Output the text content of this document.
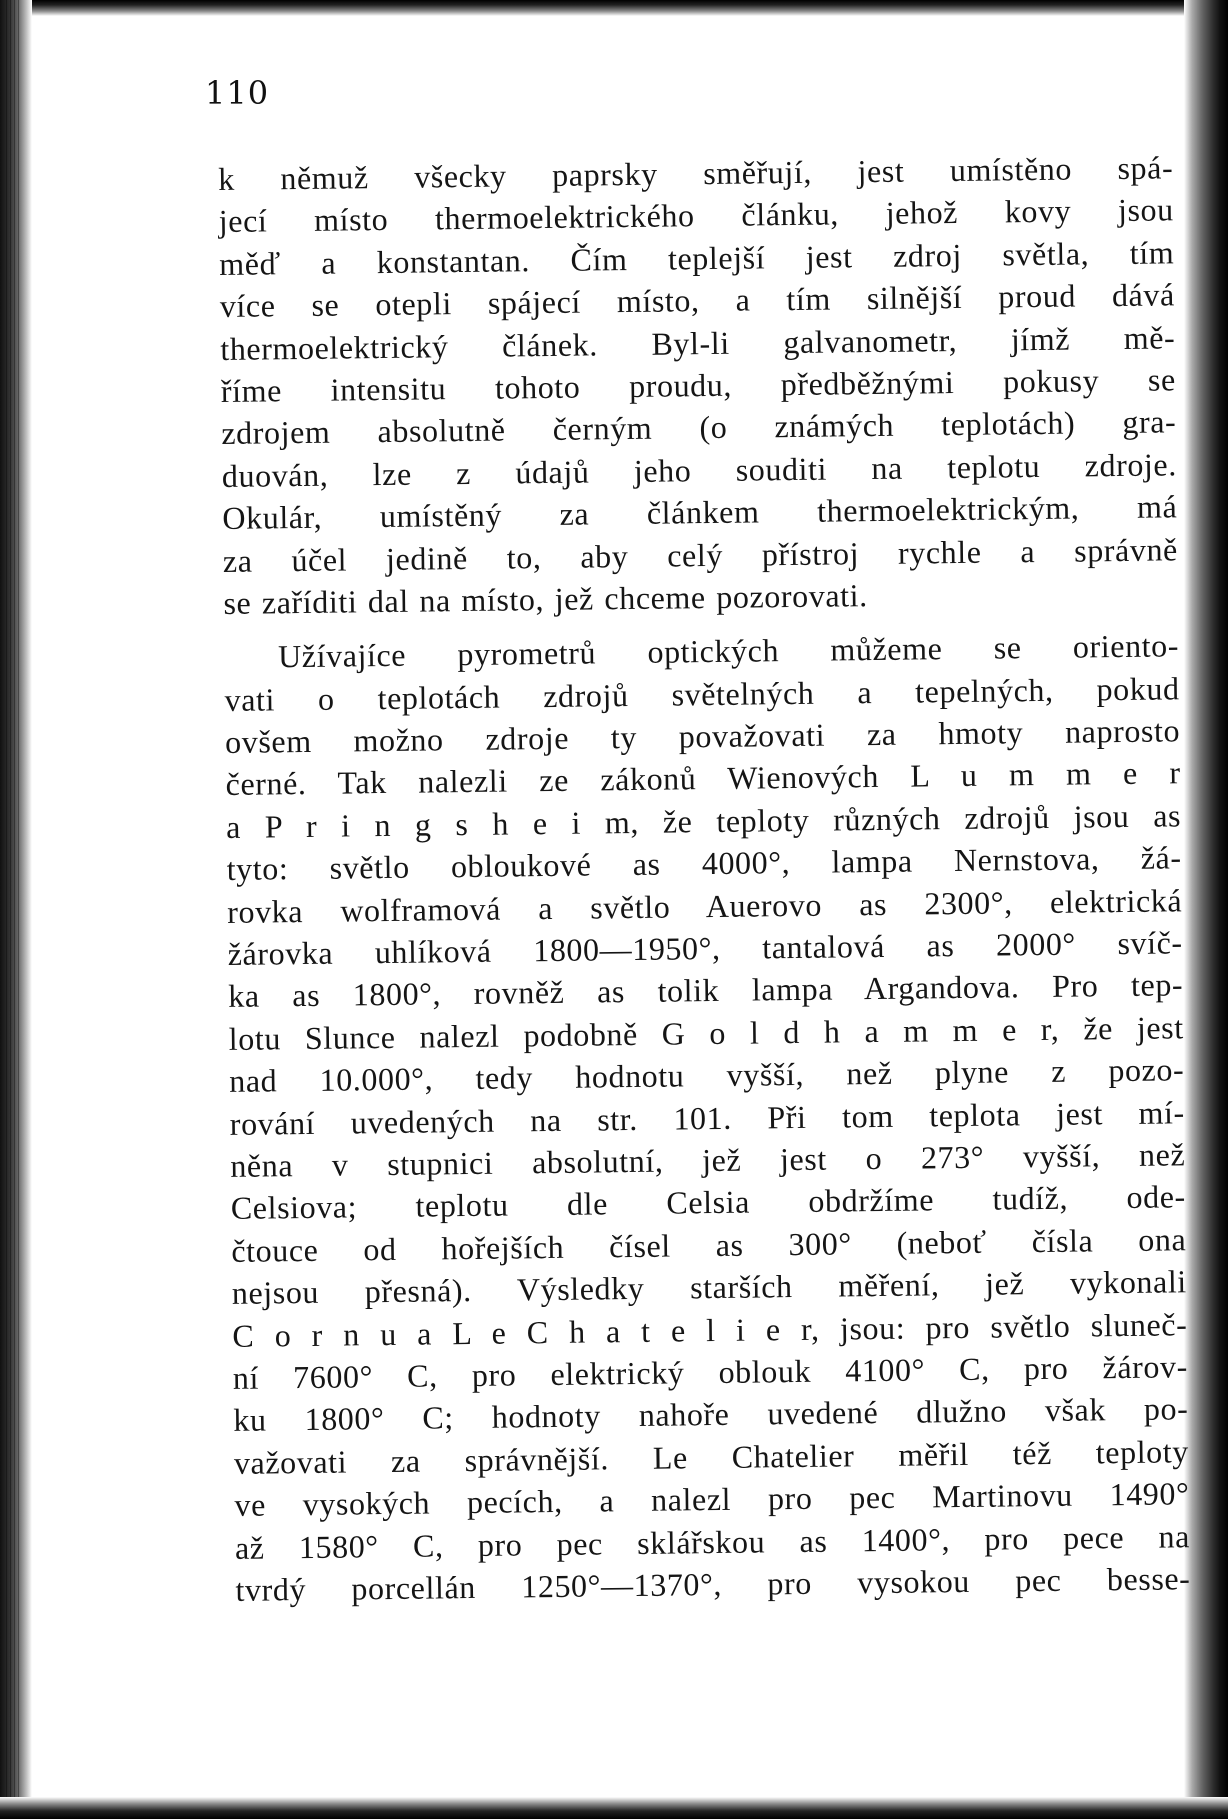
110
k němuž všecky paprsky směřují, jest umístěno spá-
jecí místo thermoelektrického článku, jehož kovy jsou
měď a konstantan. Čím teplejší jest zdroj světla, tím
více se otepli spájecí místo, a tím silnější proud dává
thermoelektrický článek. Byl-li galvanometr, jímž mě-
říme intensitu tohoto proudu, předběžnými pokusy se
zdrojem absolutně černým (o známých teplotách) gra-
duován, lze z údajů jeho souditi na teplotu zdroje.
Okulár, umístěný za článkem thermoelektrickým, má
za účel jedině to, aby celý přístroj rychle a správně
se zaříditi dal na místo, jež chceme pozorovati.
Užívajíce pyrometrů optických můžeme se oriento-
vati o teplotách zdrojů světelných a tepelných, pokud
ovšem možno zdroje ty považovati za hmoty naprosto
černé. Tak nalezli ze zákonů Wienových L u m m e r
a P r i n g s h e i m, že teploty různých zdrojů jsou as
tyto: světlo obloukové as 4000°, lampa Nernstova, žá-
rovka wolframová a světlo Auerovo as 2300°, elektrická
žárovka uhlíková 1800—1950°, tantalová as 2000° svíč-
ka as 1800°, rovněž as tolik lampa Argandova. Pro tep-
lotu Slunce nalezl podobně G o l d h a m m e r, že jest
nad 10.000°, tedy hodnotu vyšší, než plyne z pozo-
rování uvedených na str. 101. Při tom teplota jest mí-
něna v stupnici absolutní, jež jest o 273° vyšší, než
Celsiova; teplotu dle Celsia obdržíme tudíž, ode-
čtouce od hořejších čísel as 300° (neboť čísla ona
nejsou přesná). Výsledky starších měření, jež vykonali
C o r n u a L e C h a t e l i e r, jsou: pro světlo sluneč-
ní 7600° C, pro elektrický oblouk 4100° C, pro žárov-
ku 1800° C; hodnoty nahoře uvedené dlužno však po-
važovati za správnější. Le Chatelier měřil též teploty
ve vysokých pecích, a nalezl pro pec Martinovu 1490°
až 1580° C, pro pec sklářskou as 1400°, pro pece na
tvrdý porcellán 1250°—1370°, pro vysokou pec besse-
